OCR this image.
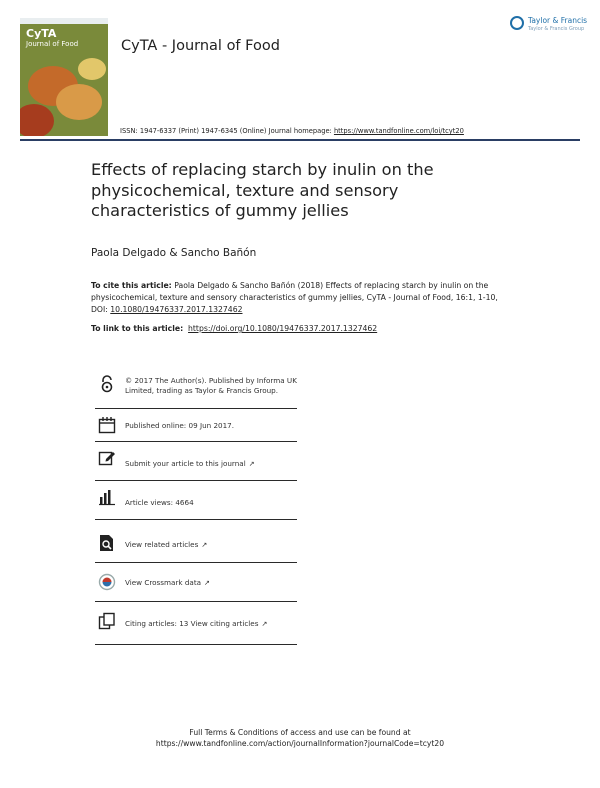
CyTA
Journal of Food	CyTA - Journal of Food
Taylor & Francis
Taylor & Francis Group
ISSN: 1947-6337 (Print) 1947-6345 (Online) Journal homepage: https://www.tandfonline.com/loi/tcyt20
Effects of replacing starch by inulin on the physicochemical, texture and sensory characteristics of gummy jellies
Paola Delgado & Sancho Bañón
To cite this article: Paola Delgado & Sancho Bañón (2018) Effects of replacing starch by inulin on the physicochemical, texture and sensory characteristics of gummy jellies, CyTA - Journal of Food, 16:1, 1-10, DOI: 10.1080/19476337.2017.1327462
To link to this article: https://doi.org/10.1080/19476337.2017.1327462
© 2017 The Author(s). Published by Informa UK Limited, trading as Taylor & Francis Group.
Published online: 09 Jun 2017.
Submit your article to this journal ↗
Article views: 4664
View related articles ↗
View Crossmark data ↗
Citing articles: 13 View citing articles ↗
Full Terms & Conditions of access and use can be found at
https://www.tandfonline.com/action/journalInformation?journalCode=tcyt20
